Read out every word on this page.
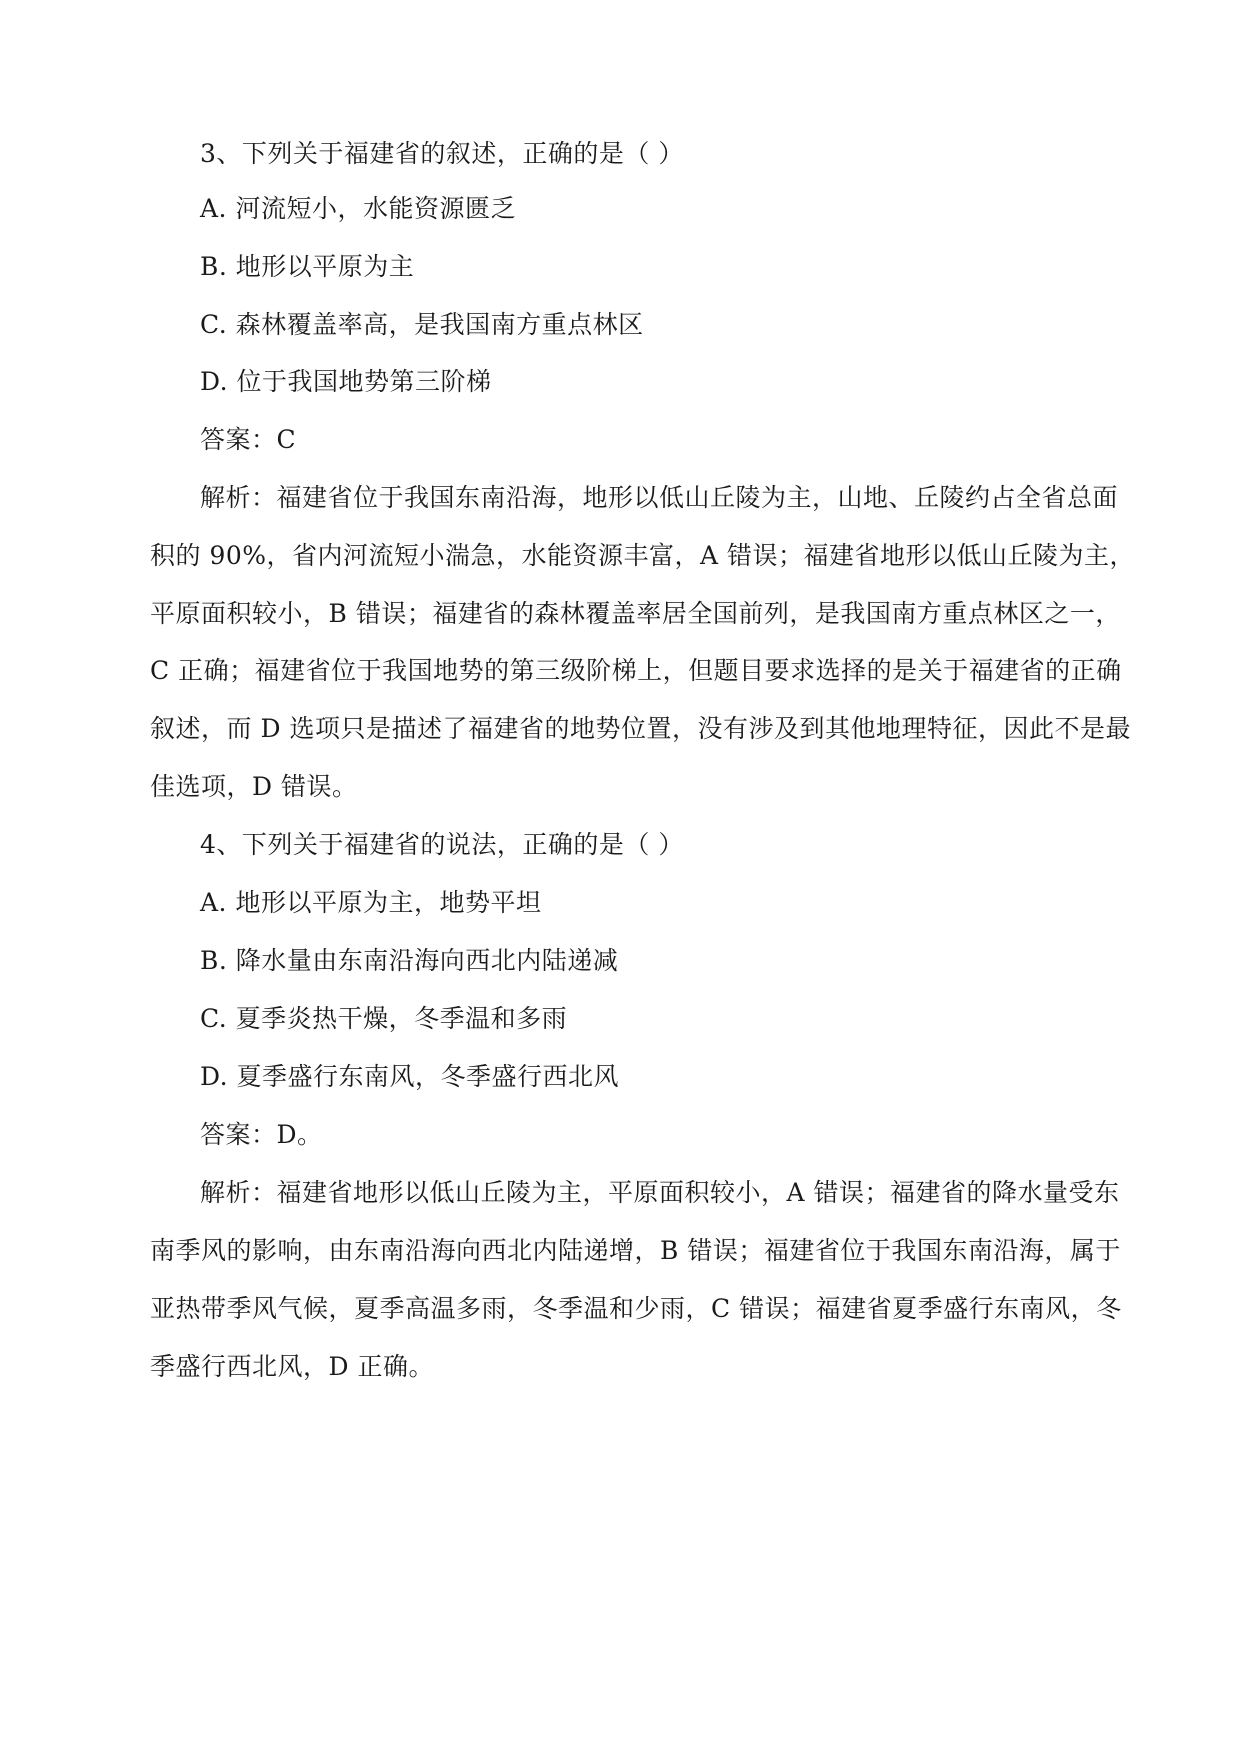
3、下列关于福建省的叙述，正确的是（ ）
A. 河流短小，水能资源匮乏
B. 地形以平原为主
C. 森林覆盖率高，是我国南方重点林区
D. 位于我国地势第三阶梯
答案：C
解析：福建省位于我国东南沿海，地形以低山丘陵为主，山地、丘陵约占全省总面
积的 90%，省内河流短小湍急，水能资源丰富，A 错误；福建省地形以低山丘陵为主，
平原面积较小，B 错误；福建省的森林覆盖率居全国前列，是我国南方重点林区之一，
C 正确；福建省位于我国地势的第三级阶梯上，但题目要求选择的是关于福建省的正确
叙述，而 D 选项只是描述了福建省的地势位置，没有涉及到其他地理特征，因此不是最
佳选项，D 错误。
4、下列关于福建省的说法，正确的是（ ）
A. 地形以平原为主，地势平坦
B. 降水量由东南沿海向西北内陆递减
C. 夏季炎热干燥，冬季温和多雨
D. 夏季盛行东南风，冬季盛行西北风
答案：D。
解析：福建省地形以低山丘陵为主，平原面积较小，A 错误；福建省的降水量受东
南季风的影响，由东南沿海向西北内陆递增，B 错误；福建省位于我国东南沿海，属于
亚热带季风气候，夏季高温多雨，冬季温和少雨，C 错误；福建省夏季盛行东南风，冬
季盛行西北风，D 正确。
